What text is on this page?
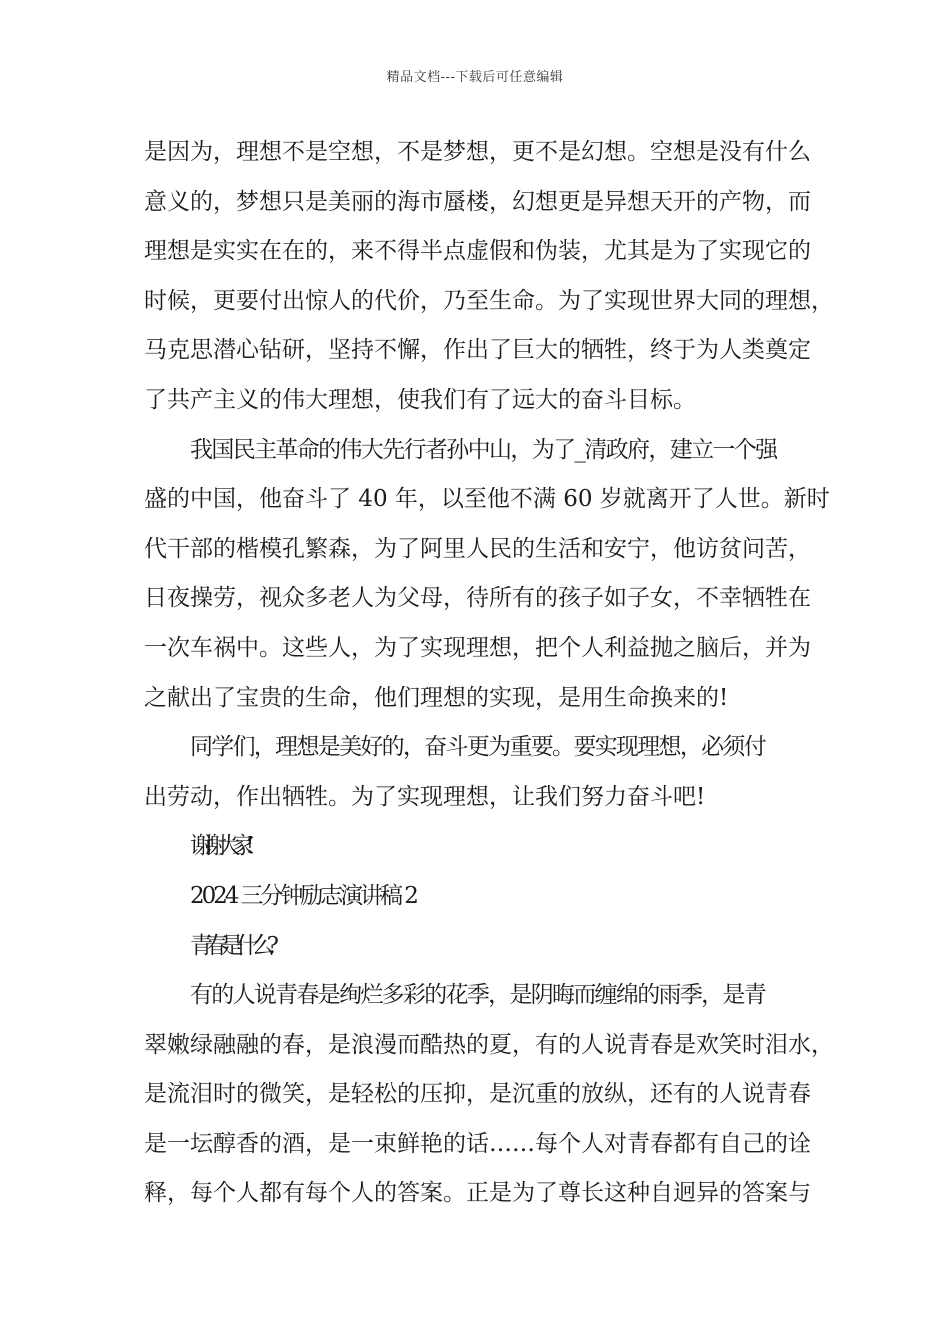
精品文档---下载后可任意编辑

是因为，理想不是空想，不是梦想，更不是幻想。空想是没有什么
意义的，梦想只是美丽的海市蜃楼，幻想更是异想天开的产物，而
理想是实实在在的，来不得半点虚假和伪装，尤其是为了实现它的
时候，更要付出惊人的代价，乃至生命。为了实现世界大同的理想，
马克思潜心钻研，坚持不懈，作出了巨大的牺牲，终于为人类奠定
了共产主义的伟大理想，使我们有了远大的奋斗目标。

我国民主革命的伟大先行者孙中山，为了_清政府，建立一个强
盛的中国，他奋斗了 40 年，以至他不满 60 岁就离开了人世。新时
代干部的楷模孔繁森，为了阿里人民的生活和安宁，他访贫问苦，
日夜操劳，视众多老人为父母，待所有的孩子如子女，不幸牺牲在
一次车祸中。这些人，为了实现理想，把个人利益抛之脑后，并为
之献出了宝贵的生命，他们理想的实现，是用生命换来的!

同学们，理想是美好的，奋斗更为重要。要实现理想，必须付
出劳动，作出牺牲。为了实现理想，让我们努力奋斗吧!

谢谢大家!

2024 三分钟励志演讲稿 2

青春是什么?

有的人说青春是绚烂多彩的花季，是阴晦而缠绵的雨季，是青
翠嫩绿融融的春，是浪漫而酷热的夏，有的人说青春是欢笑时泪水，
是流泪时的微笑，是轻松的压抑，是沉重的放纵，还有的人说青春
是一坛醇香的酒，是一束鲜艳的话……每个人对青春都有自己的诠
释，每个人都有每个人的答案。正是为了尊长这种自迥异的答案与
